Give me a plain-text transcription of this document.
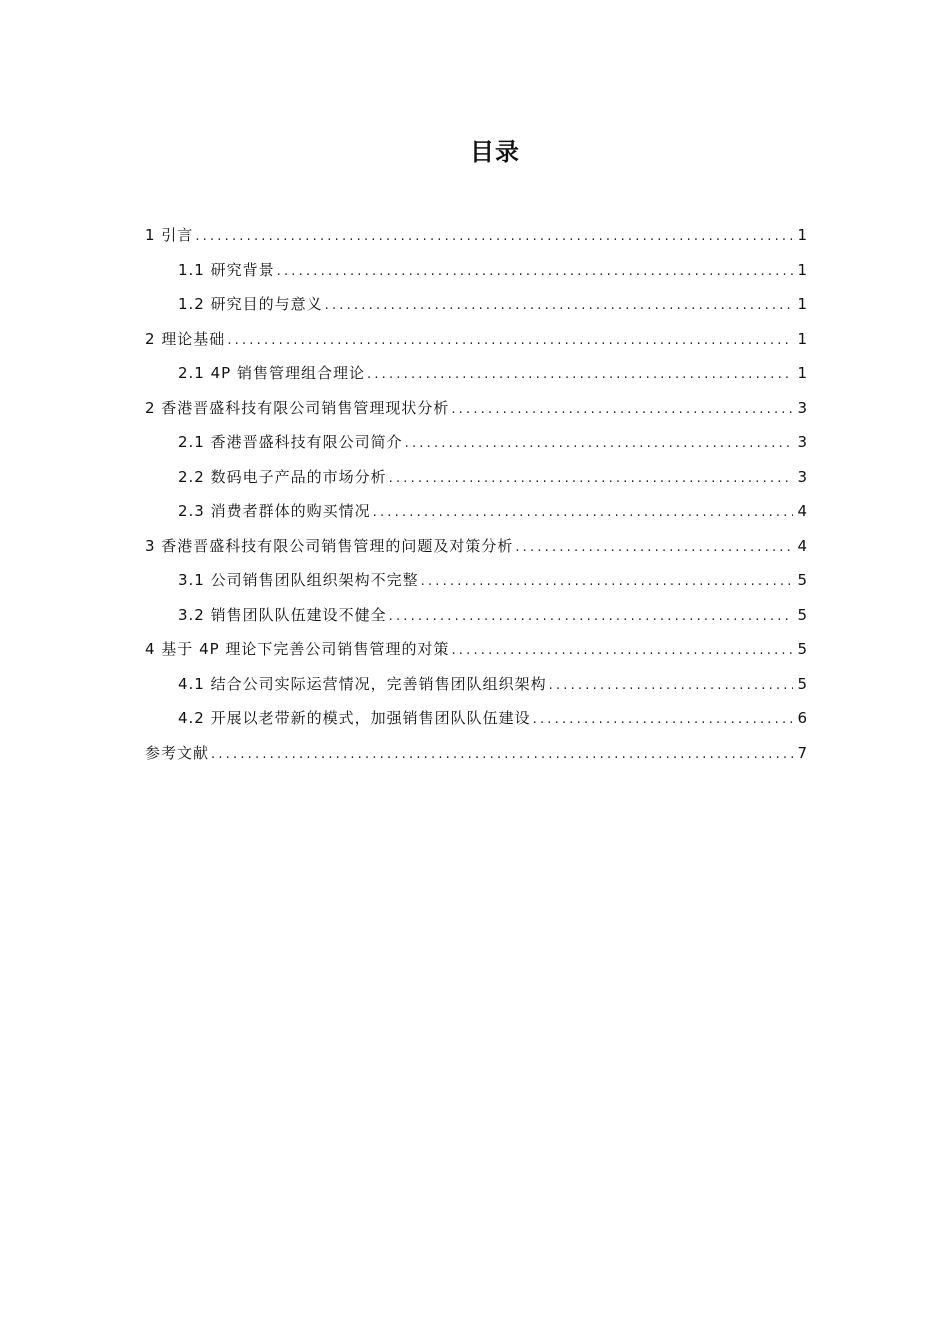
目录
1 引言 .....	1
1.1 研究背景 .....	1
1.2 研究目的与意义 .....	1
2 理论基础 .....	1
2.1 4P 销售管理组合理论 .....	1
2 香港晋盛科技有限公司销售管理现状分析 .....	3
2.1 香港晋盛科技有限公司简介 .....	3
2.2 数码电子产品的市场分析 .....	3
2.3 消费者群体的购买情况 .....	4
3 香港晋盛科技有限公司销售管理的问题及对策分析 .....	4
3.1 公司销售团队组织架构不完整 .....	5
3.2 销售团队队伍建设不健全 .....	5
4 基于 4P 理论下完善公司销售管理的对策 .....	5
4.1 结合公司实际运营情况，完善销售团队组织架构 .....	5
4.2 开展以老带新的模式，加强销售团队队伍建设 .....	6
参考文献 .....	7
